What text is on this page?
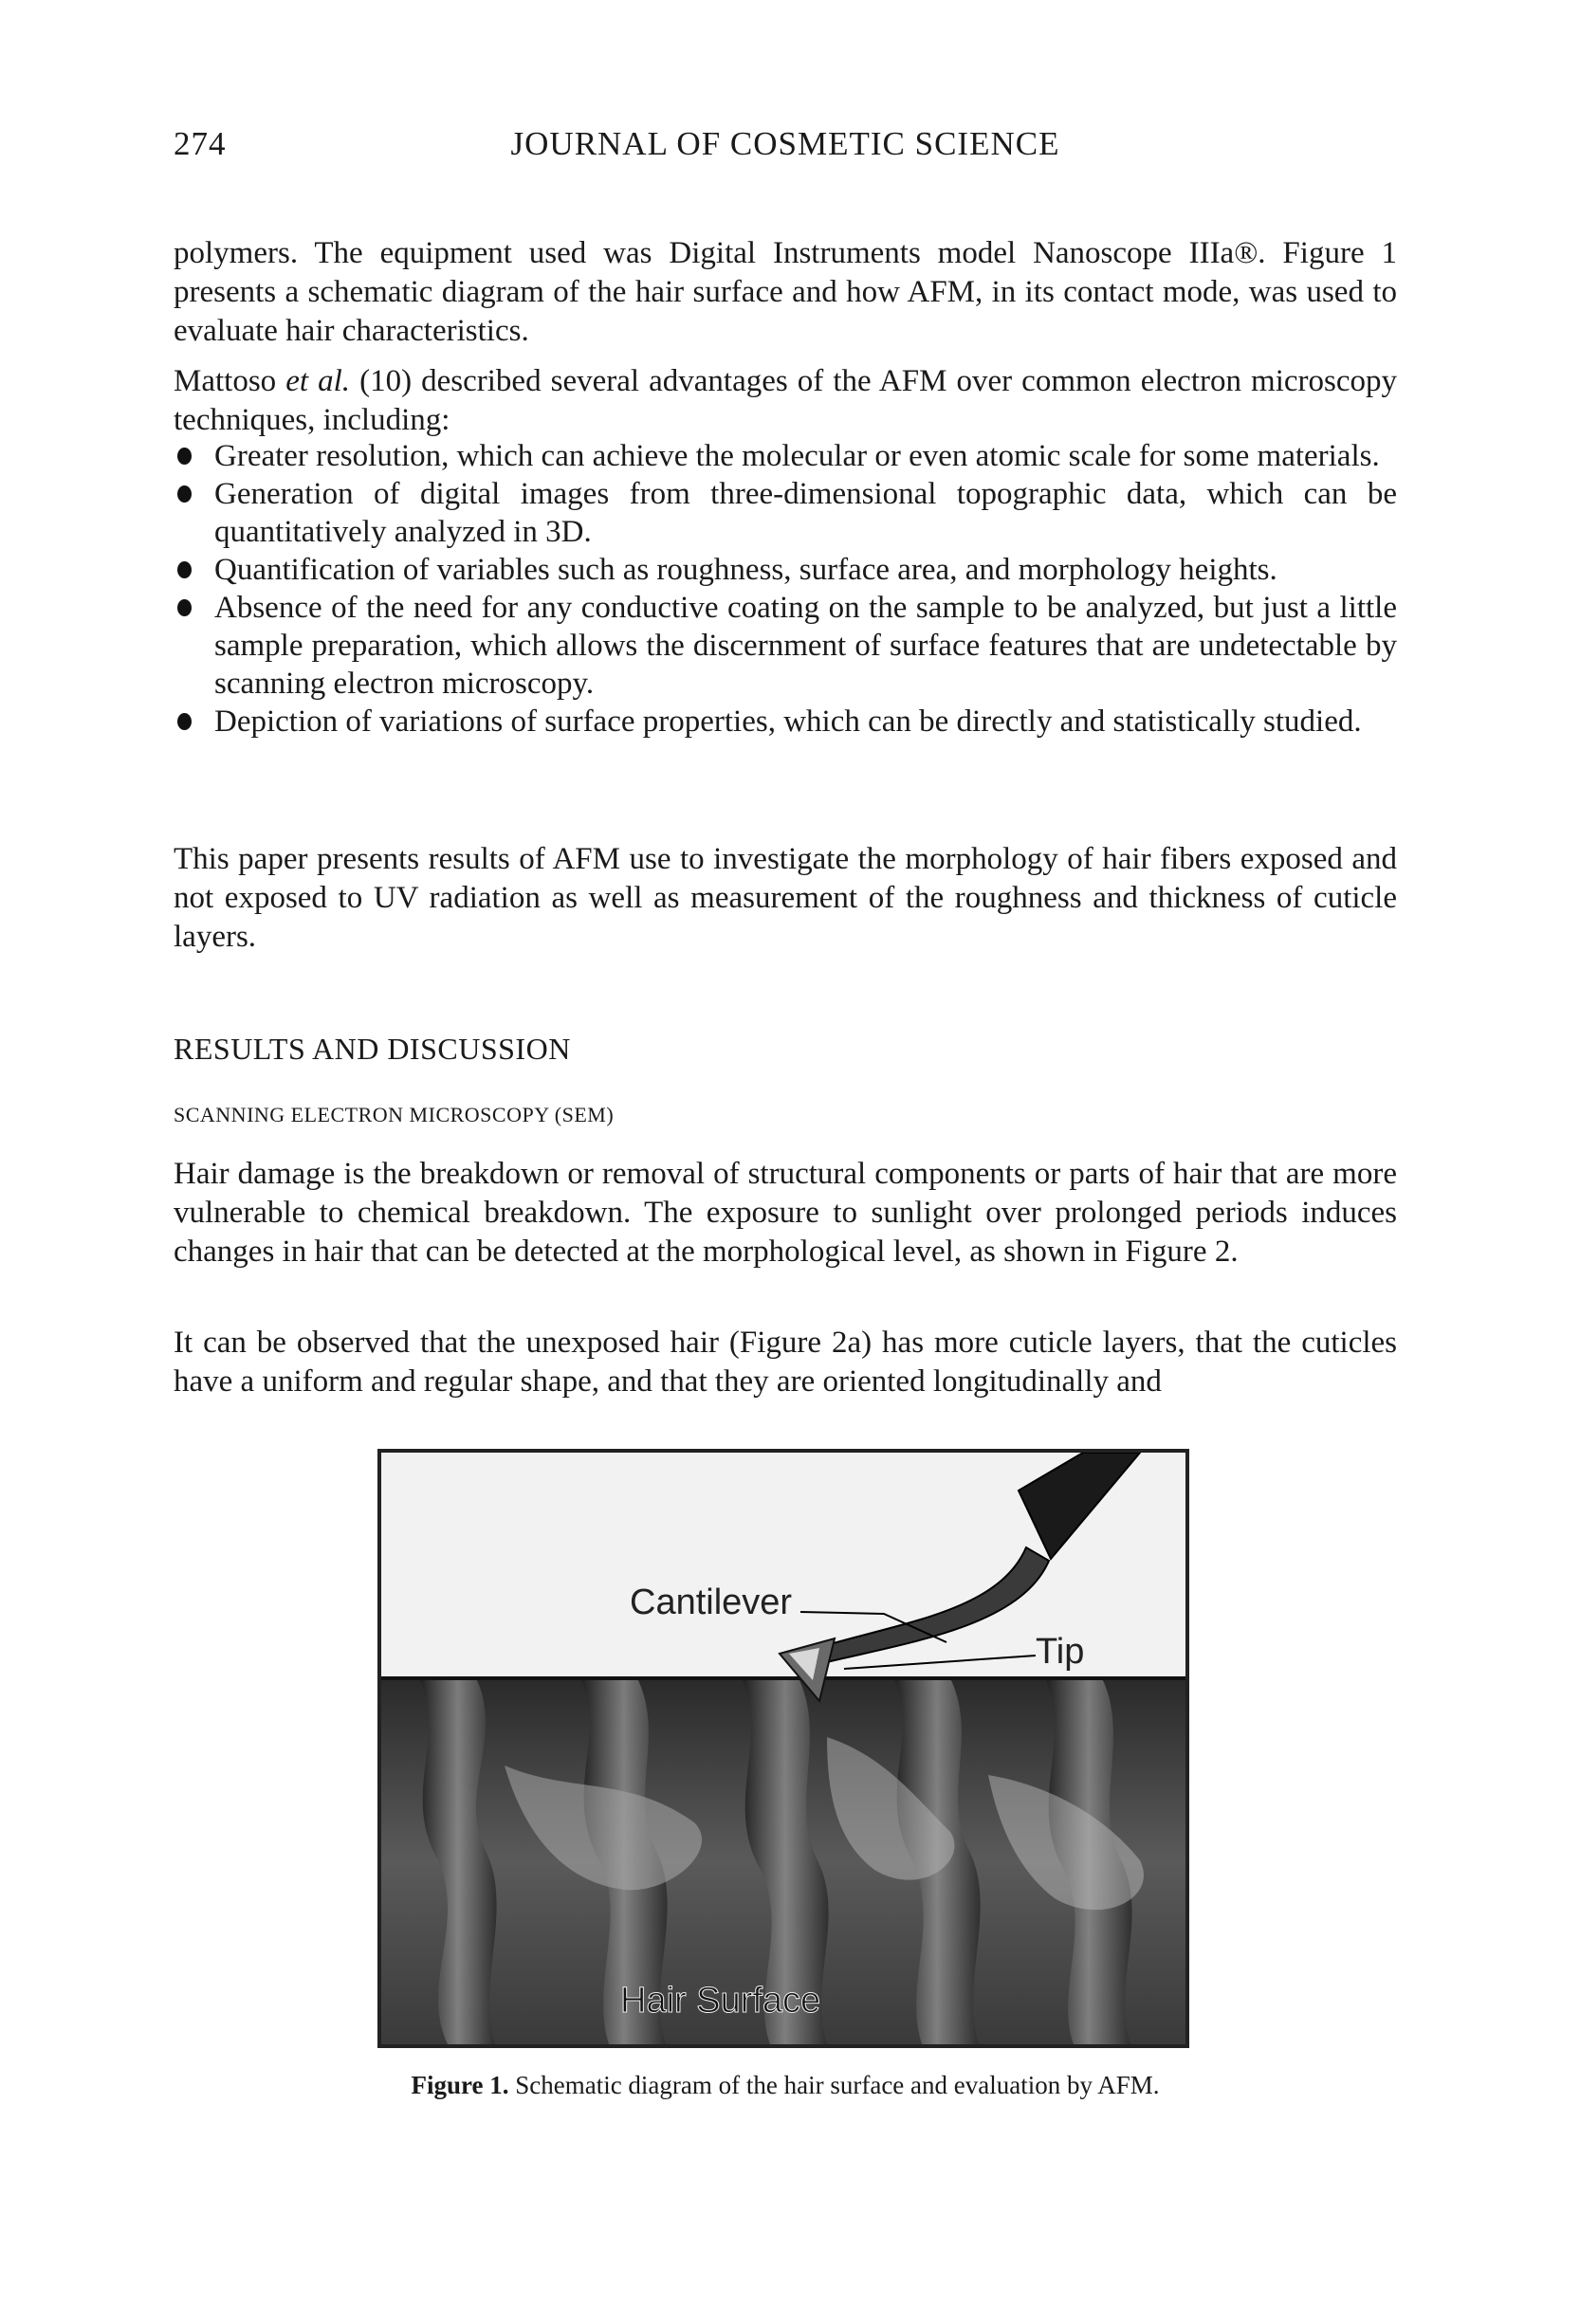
274	JOURNAL OF COSMETIC SCIENCE

polymers. The equipment used was Digital Instruments model Nanoscope IIIa®. Figure 1 presents a schematic diagram of the hair surface and how AFM, in its contact mode, was used to evaluate hair characteristics.

Mattoso et al. (10) described several advantages of the AFM over common electron microscopy techniques, including:

Greater resolution, which can achieve the molecular or even atomic scale for some materials.
Generation of digital images from three-dimensional topographic data, which can be quantitatively analyzed in 3D.
Quantification of variables such as roughness, surface area, and morphology heights.
Absence of the need for any conductive coating on the sample to be analyzed, but just a little sample preparation, which allows the discernment of surface features that are undetectable by scanning electron microscopy.
Depiction of variations of surface properties, which can be directly and statistically studied.

This paper presents results of AFM use to investigate the morphology of hair fibers exposed and not exposed to UV radiation as well as measurement of the roughness and thickness of cuticle layers.

RESULTS AND DISCUSSION
SCANNING ELECTRON MICROSCOPY (SEM)

Hair damage is the breakdown or removal of structural components or parts of hair that are more vulnerable to chemical breakdown. The exposure to sunlight over prolonged periods induces changes in hair that can be detected at the morphological level, as shown in Figure 2.

It can be observed that the unexposed hair (Figure 2a) has more cuticle layers, that the cuticles have a uniform and regular shape, and that they are oriented longitudinally and

Cantilever
Tip
Hair Surface
Figure 1. Schematic diagram of the hair surface and evaluation by AFM.
